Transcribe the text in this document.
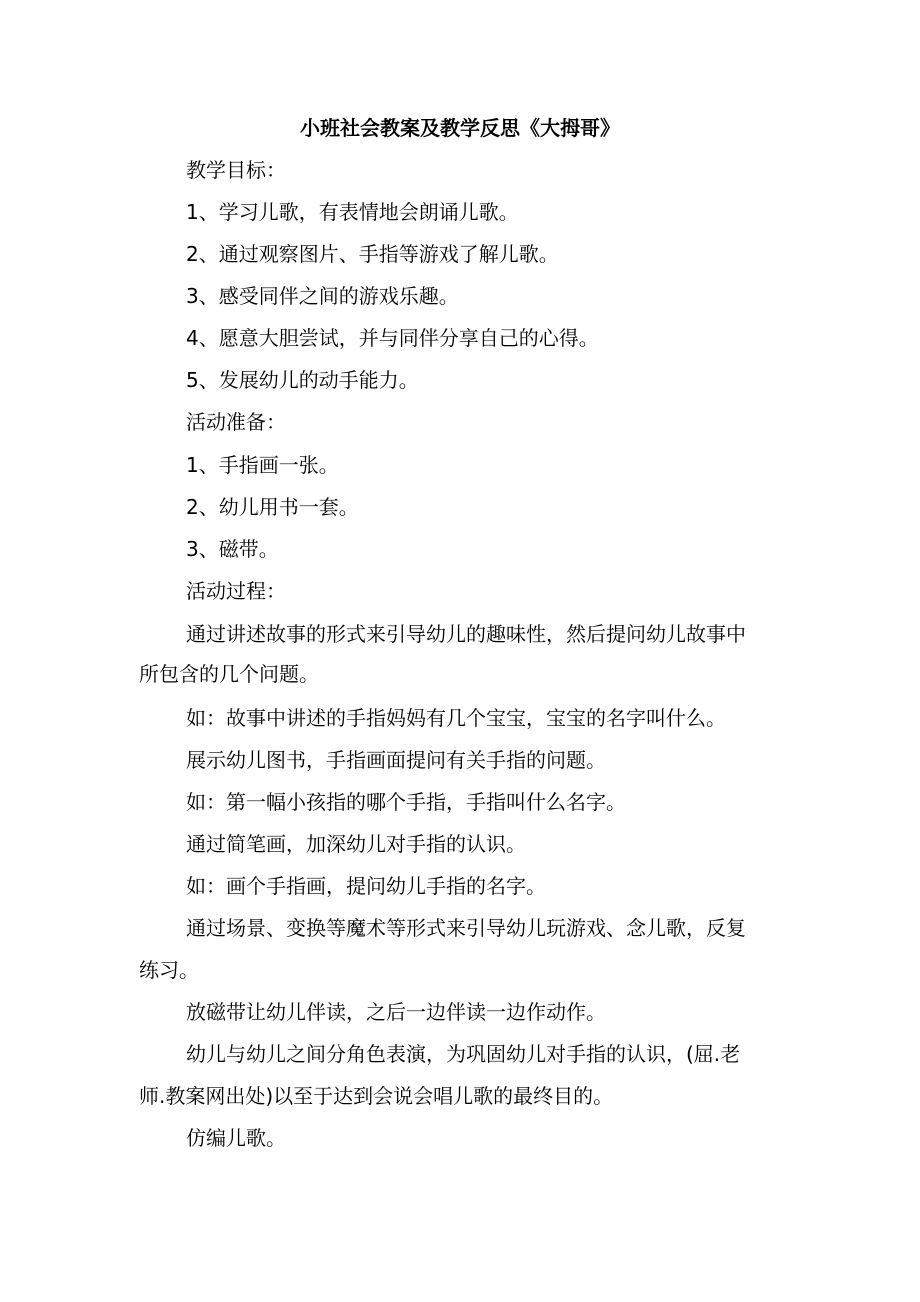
小班社会教案及教学反思《大拇哥》
教学目标：
1、学习儿歌，有表情地会朗诵儿歌。
2、通过观察图片、手指等游戏了解儿歌。
3、感受同伴之间的游戏乐趣。
4、愿意大胆尝试，并与同伴分享自己的心得。
5、发展幼儿的动手能力。
活动准备：
1、手指画一张。
2、幼儿用书一套。
3、磁带。
活动过程：
通过讲述故事的形式来引导幼儿的趣味性，然后提问幼儿故事中
所包含的几个问题。
如：故事中讲述的手指妈妈有几个宝宝，宝宝的名字叫什么。
展示幼儿图书，手指画面提问有关手指的问题。
如：第一幅小孩指的哪个手指，手指叫什么名字。
通过简笔画，加深幼儿对手指的认识。
如：画个手指画，提问幼儿手指的名字。
通过场景、变换等魔术等形式来引导幼儿玩游戏、念儿歌，反复
练习。
放磁带让幼儿伴读，之后一边伴读一边作动作。
幼儿与幼儿之间分角色表演，为巩固幼儿对手指的认识，(屈.老
师.教案网出处)以至于达到会说会唱儿歌的最终目的。
仿编儿歌。
